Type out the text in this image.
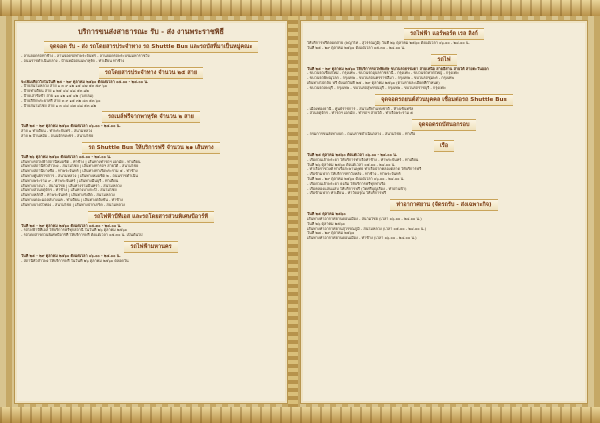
บริการขนส่งสาธารณะ รับ - ส่ง งานพระราชพิธี
จุดจอด รับ - ส่ง รถโดยสารประจำทาง รถ Shuttle Bus และรถบัสที่มาเป็นหมู่คณะ
- ลานจอดรถท่าช้าง - ลานจอดรถท่าพระจันทร์ - ลานจอดรถพระบรมมหาราชวัง
- ถนนราชดำเนินกลาง - บ้านหม้อถนนพาหุรัด - ท่าเตียน ท่าช้าง
รถโดยสารประจำทาง จำนวน ๒๕ สาย
จะเพิ่มเที่ยววิ่งในวันที่ ๒๕ - ๒๙ ตุลาคม ๒๕๖๐ ตั้งแต่เวลา ๐๕.๐๐ - ๒๔.๐๐ น.
- ป้ายสนามหลวง สาย ๑ ๓ ๙ ๑๒ ๑๕ ๔๗ ๕๓ ๕๙ ๖๐
- ป้ายท่าเตียน สาย ๑ ๒๕ ๔๔ ๔๘ ๕๓ ๘๒
- ป้ายเสาชิงช้า สาย ๑๐ ๑๒ ๑๕ ๔๒ (วงกลม)
- ป้ายสี่กั๊กพระยาศรี สาย ๓ ๙ ๑๕ ๓๒ ๔๓ ๕๓ ๖๐
- ป้ายสนามไชย สาย ๑ ๓ ๔๔ ๔๗ ๔๘ ๕๓ ๘๒
รถเมล์ฟรีจากพาหุรัด จำนวน ๒ สาย
วันที่ ๒๕ - ๒๙ ตุลาคม ๒๕๖๐ ตั้งแต่เวลา ๐๖.๐๐ - ๒๔.๐๐ น.
สาย ๑ ท่าเตียน - ท่าพระจันทร์ - สนามหลวง
สาย ๒ บ้านหม้อ - ถนนจักรเพชร - สนามไชย
รถ Shuttle Bus ให้บริการฟรี จำนวน ๒๑ เส้นทาง
วันที่ ๒๖ ตุลาคม ๒๕๖๐ ตั้งแต่เวลา ๐๕.๐๐ - ๒๔.๐๐ น.
เส้นทางรถไฟฟ้าสถานีหมอชิต - ท่าช้าง | เส้นทางท่ารถฯ เอกมัย - ท่าเตียน
เส้นทางสถานีหัวลำโพง - สนามไชย | เส้นทางท่ารถฯ สายใต้ - สนามไชย
เส้นทางสถานีบางซื่อ - ท่าพระจันทร์ | เส้นทางท่าเรือพระราม ๕ - ท่าช้าง
เส้นทางศูนย์ราชการ - สนามหลวง | เส้นทางหมอชิต ๒ - ถนนราชดำเนิน
เส้นทางพระราม ๙ - ท่าพระจันทร์ | เส้นทางมีนบุรี - ท่าเตียน
เส้นทางบางนา - สนามไชย | เส้นทางรามอินทรา - สนามหลวง
เส้นทางสวนจตุจักร - ท่าช้าง | เส้นทางบางกะปิ - สนามไชย
เส้นทางหลักสี่ - ท่าพระจันทร์ | เส้นทางรังสิต - สนามหลวง
เส้นทางเดอะมอลล์บางแค - ท่าเตียน | เส้นทางตลิ่งชัน - ท่าช้าง
เส้นทางบางบัวทอง - สนามไชย | เส้นทางปากเกร็ด - สนามหลวง
รถไฟฟ้าบีทีเอส และรถโดยสารส่วนพิเศษบีอาร์ที
วันที่ ๒๕ - ๒๙ ตุลาคม ๒๕๖๐ ตั้งแต่เวลา ๐๕.๓๐ - ๒๔.๐๐ น.
- รถไฟฟ้าบีทีเอส ให้บริการฟรีทุกสถานี ในวันที่ ๒๖ ตุลาคม ๒๕๖๐
- รถโดยสารด่วนพิเศษบีอาร์ที ให้บริการฟรี ตั้งแต่เวลา ๐๕.๓๐ น. เป็นต้นไป
รถไฟฟ้ามหานคร
วันที่ ๒๕ - ๒๙ ตุลาคม ๒๕๖๐ ตั้งแต่เวลา ๐๖.๐๐ - ๒๔.๐๐ น.
- สถานีหัวลำโพง ให้บริการฟรี ในวันที่ ๒๖ ตุลาคม ๒๕๖๐ ตลอดวัน
รถไฟฟ้า แอร์พอร์ต เรล ลิงก์
ให้บริการฟรีตลอดสาย (พญาไท - สุวรรณภูมิ) วันที่ ๒๖ ตุลาคม ๒๕๖๐ ตั้งแต่เวลา ๐๖.๐๐ - ๒๔.๐๐ น.
วันที่ ๒๕ - ๒๙ ตุลาคม ๒๕๖๐ ตั้งแต่เวลา ๐๕.๓๐ - ๒๔.๐๐ น.
รถไฟ
วันที่ ๒๕ - ๒๙ ตุลาคม ๒๕๖๐ ให้บริการรถไฟพิเศษ ขบวนรถธรรมดา สายเหนือ สายอีสาน สายใต้ สายตะวันออก
- ขบวนรถเชียงใหม่ - กรุงเทพ - ขบวนรถอุบลราชธานี - กรุงเทพ - ขบวนรถหาดใหญ่ - กรุงเทพ
- ขบวนรถพิษณุโลก - กรุงเทพ - ขบวนรถนครราชสีมา - กรุงเทพ - ขบวนรถชุมพร - กรุงเทพ
เดินทางไปกลับ ฟรี ตั้งแต่วันที่ ๒๕ - ๒๙ ตุลาคม ๒๕๖๐ (ตามรายละเอียดที่กำหนด)
- ขบวนรถลพบุรี - กรุงเทพ - ขบวนรถสุพรรณบุรี - กรุงเทพ - ขบวนรถราชบุรี - กรุงเทพ
จุดจอดรถยนต์ส่วนบุคคล เชื่อมต่อรถ Shuttle Bus
- เมืองทองธานี - ศูนย์ราชการ - สนามกีฬาแห่งชาติ - ห้างเซ็นทรัล
- สวนจตุจักร - ท่ารถฯ เอกมัย - ท่ารถฯ สายใต้ - ท่าเรือพระราม ๕
จุดจอดรถบัสนอกรอบ
- กรมการขนส่งทางบก - ถนนราชดำเนินกลาง - สนามไชย - ท่าเรือ
เรือ
วันที่ ๒๕ ตุลาคม ๒๕๖๐ ตั้งแต่เวลา ๐๖.๐๐ - ๒๔.๐๐ น.
- เรือด่วนเจ้าพระยา ให้บริการท่าเรือท่าช้าง - ท่าพระจันทร์ - ท่าเตียน
วันที่ ๒๖ ตุลาคม ๒๕๖๐ ตั้งแต่เวลา ๐๕.๐๐ - ๒๔.๐๐ น.
- ท่าเรือราชวงศ์ ท่าเรือสะพานพุทธ ท่าเรือปากคลองตลาด ให้บริการฟรี
- เรือข้ามฟาก ให้บริการท่าวังหลัง - ท่าช้าง - ท่าพระจันทร์
วันที่ ๒๗ - ๒๙ ตุลาคม ๒๕๖๐ ตั้งแต่เวลา ๐๖.๐๐ - ๒๔.๐๐ น.
- เรือด่วนเจ้าพระยา ธงส้ม ให้บริการฟรีทุกท่าเรือ
- เรือคลองแสนแสบ ให้บริการฟรี (วัดศรีบุญเรือง - ท่าผ่านฟ้า)
- เรือข้ามฟาก ท่าเตียน - ท่าวัดอรุณ ให้บริการฟรี
ท่าอากาศยาน (จัดรถรับ - ส่งเฉพาะกิจ)
วันที่ ๒๕ ตุลาคม ๒๕๖๐
เส้นทางท่าอากาศยานดอนเมือง - สนามไชย (เวลา ๐๖.๐๐ - ๒๔.๐๐ น.)
วันที่ ๒๖ ตุลาคม ๒๕๖๐
เส้นทางท่าอากาศยานสุวรรณภูมิ - สนามหลวง (เวลา ๐๕.๐๐ - ๒๔.๐๐ น.)
วันที่ ๒๗ - ๒๙ ตุลาคม ๒๕๖๐
เส้นทางท่าอากาศยานดอนเมือง - ท่าช้าง (เวลา ๐๖.๐๐ - ๒๔.๐๐ น.)
